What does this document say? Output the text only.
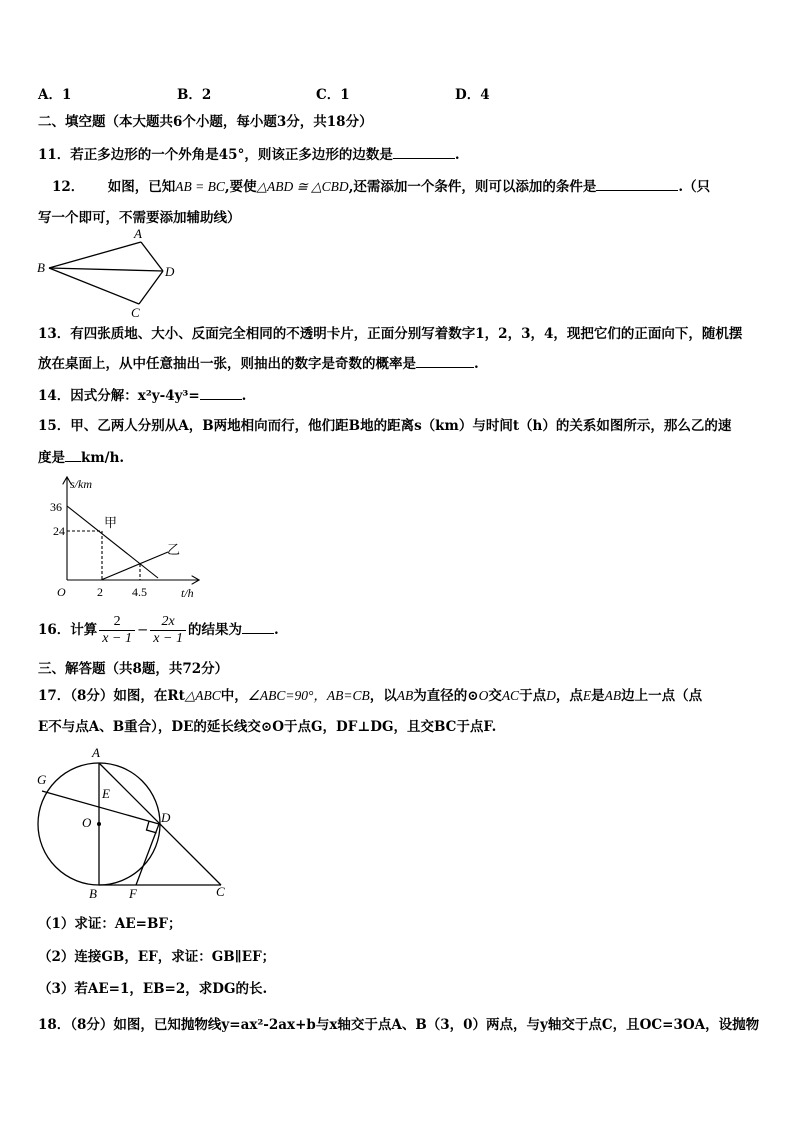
A．1	B．2	C．1	D．4
二、填空题（本大题共6个小题，每小题3分，共18分）
11．若正多边形的一个外角是45°，则该正多边形的边数是	.
12． 如图，已知AB = BC,要使△ABD ≅ △CBD,还需添加一个条件，则可以添加的条件是	.（只
写一个即可，不需要添加辅助线）
A
B	D
C
13．有四张质地、大小、反面完全相同的不透明卡片，正面分别写着数字1，2，3，4，现把它们的正面向下，随机摆
放在桌面上，从中任意抽出一张，则抽出的数字是奇数的概率是	.
14．因式分解：x²y-4y³=	.
15．甲、乙两人分别从A，B两地相向而行，他们距B地的距离s（km）与时间t（h）的关系如图所示，那么乙的速
度是 km/h.
s/km
t/h
O
36
24
2 4.5
甲
乙
16．计算 $\frac{2}{x - 1} - \frac{2x}{x - 1}$ 的结果为 .
三、解答题（共8题，共72分）
17．（8分）如图，在Rt△ABC中，∠ABC=90°，AB=CB，以AB为直径的⊙O交AC于点D，点E是AB边上一点（点
E不与点A、B重合），DE的延长线交⊙O于点G，DF⊥DG，且交BC于点F.
A
G
E
O	D
B F	C
（1）求证：AE=BF；
（2）连接GB，EF，求证：GB∥EF；
（3）若AE=1，EB=2，求DG的长.
18．（8分）如图，已知抛物线y=ax²-2ax+b与x轴交于点A、B（3，0）两点，与y轴交于点C，且OC=3OA，设抛物
